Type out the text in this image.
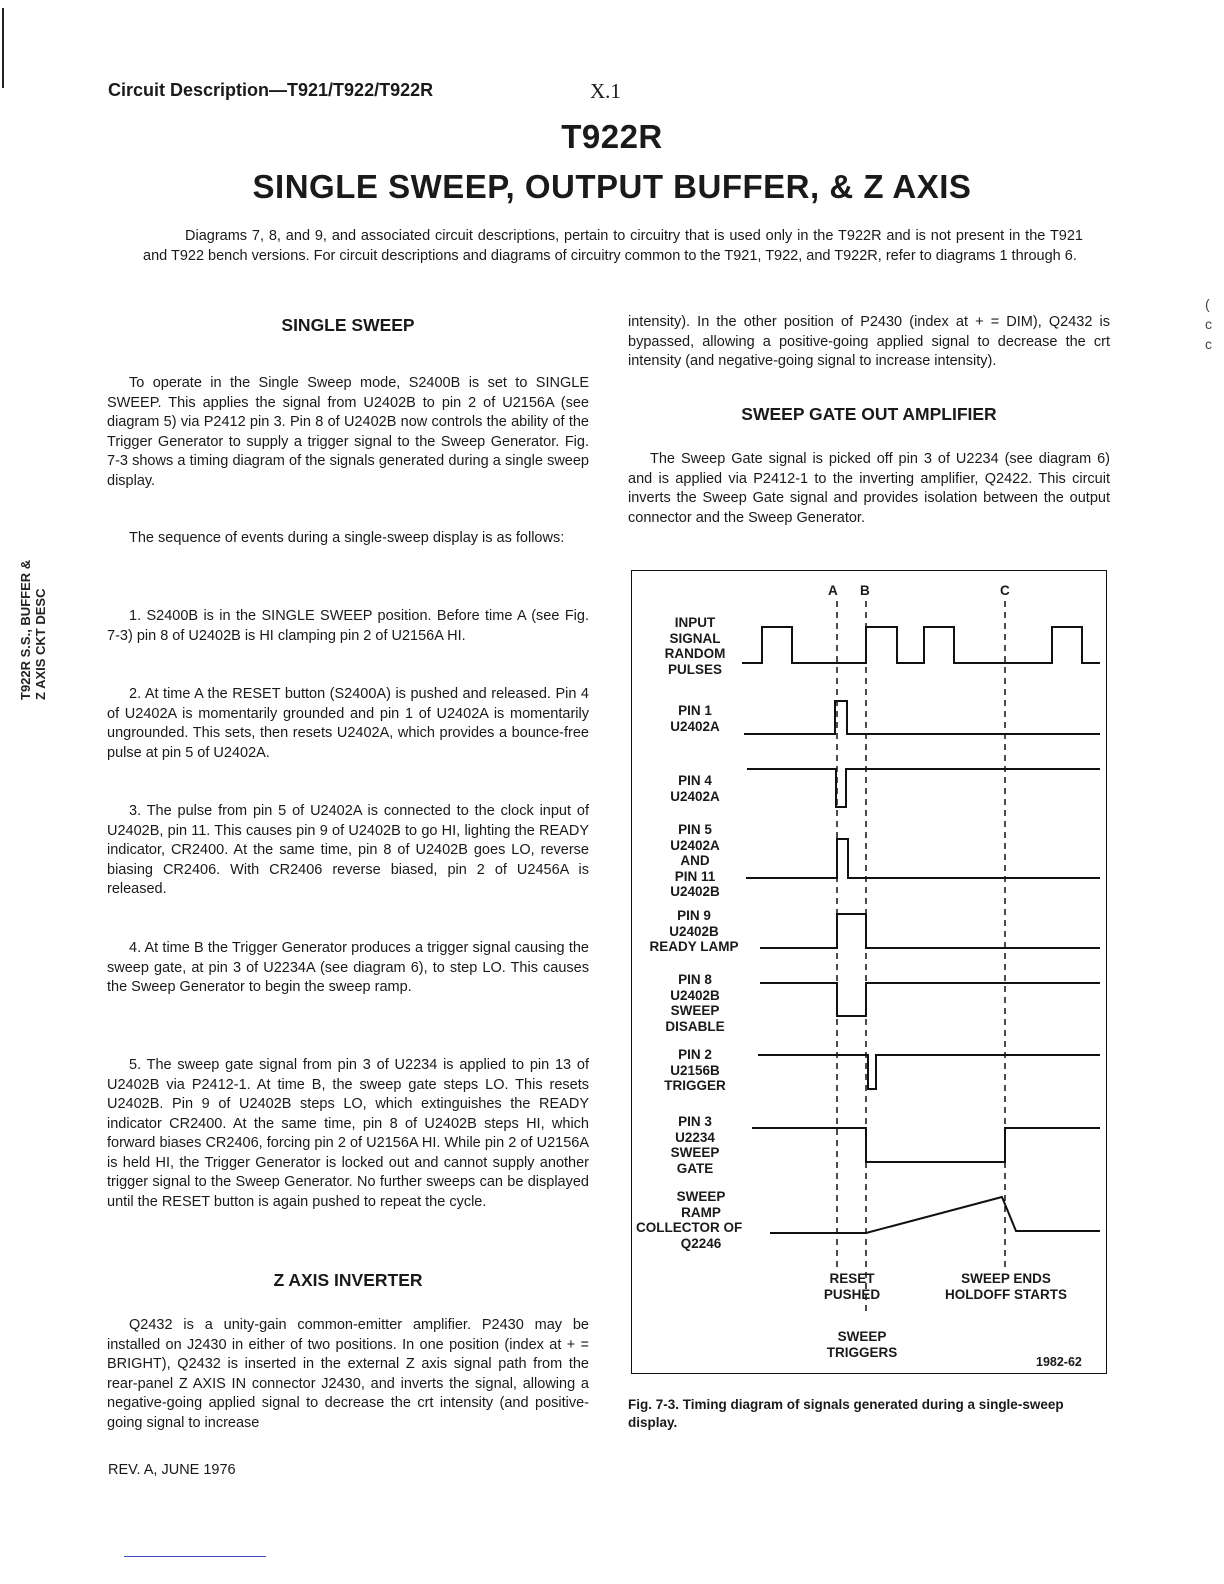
(
c
c
Circuit Description—T921/T922/T922R	X.1
T922R
SINGLE SWEEP, OUTPUT BUFFER, & Z AXIS

Diagrams 7, 8, and 9, and associated circuit descriptions, pertain to circuitry that is used only in the T922R and is not present in the T921 and T922 bench versions. For circuit descriptions and diagrams of circuitry common to the T921, T922, and T922R, refer to diagrams 1 through 6.

T922R S.S., BUFFER & Z AXIS CKT DESC
SINGLE SWEEP

To operate in the Single Sweep mode, S2400B is set to SINGLE SWEEP. This applies the signal from U2402B to pin 2 of U2156A (see diagram 5) via P2412 pin 3. Pin 8 of U2402B now controls the ability of the Trigger Generator to supply a trigger signal to the Sweep Generator. Fig. 7-3 shows a timing diagram of the signals generated during a single sweep display.

The sequence of events during a single-sweep display is as follows:

1. S2400B is in the SINGLE SWEEP position. Before time A (see Fig. 7-3) pin 8 of U2402B is HI clamping pin 2 of U2156A HI.

2. At time A the RESET button (S2400A) is pushed and released. Pin 4 of U2402A is momentarily grounded and pin 1 of U2402A is momentarily ungrounded. This sets, then resets U2402A, which provides a bounce-free pulse at pin 5 of U2402A.

3. The pulse from pin 5 of U2402A is connected to the clock input of U2402B, pin 11. This causes pin 9 of U2402B to go HI, lighting the READY indicator, CR2400. At the same time, pin 8 of U2402B goes LO, reverse biasing CR2406. With CR2406 reverse biased, pin 2 of U2456A is released.

4. At time B the Trigger Generator produces a trigger signal causing the sweep gate, at pin 3 of U2234A (see diagram 6), to step LO. This causes the Sweep Generator to begin the sweep ramp.

5. The sweep gate signal from pin 3 of U2234 is applied to pin 13 of U2402B via P2412-1. At time B, the sweep gate steps LO. This resets U2402B. Pin 9 of U2402B steps LO, which extinguishes the READY indicator CR2400. At the same time, pin 8 of U2402B steps HI, which forward biases CR2406, forcing pin 2 of U2156A HI. While pin 2 of U2156A is held HI, the Trigger Generator is locked out and cannot supply another trigger signal to the Sweep Generator. No further sweeps can be displayed until the RESET button is again pushed to repeat the cycle.

Z AXIS INVERTER

Q2432 is a unity-gain common-emitter amplifier. P2430 may be installed on J2430 in either of two positions. In one position (index at + = BRIGHT), Q2432 is inserted in the external Z axis signal path from the rear-panel Z AXIS IN connector J2430, and inverts the signal, allowing a negative-going applied signal to decrease the crt intensity (and positive-going signal to increase

intensity). In the other position of P2430 (index at + = DIM), Q2432 is bypassed, allowing a positive-going applied signal to decrease the crt intensity (and negative-going signal to increase intensity).

SWEEP GATE OUT AMPLIFIER

The Sweep Gate signal is picked off pin 3 of U2234 (see diagram 6) and is applied via P2412-1 to the inverting amplifier, Q2422. This circuit inverts the Sweep Gate signal and provides isolation between the output connector and the Sweep Generator.

A B	C
INPUT
SIGNAL
RANDOM
PULSES
PIN 1
U2402A
PIN 4
U2402A
PIN 5
U2402A
AND
PIN 11
U2402B
PIN 9
U2402B
READY LAMP
PIN 8
U2402B
SWEEP
DISABLE
PIN 2
U2156B
TRIGGER
PIN 3
U2234
SWEEP
GATE
SWEEP
RAMP
COLLECTOR OF
Q2246
RESET
PUSHED
SWEEP ENDS
HOLDOFF STARTS
SWEEP
TRIGGERS
1982-62
Fig. 7-3. Timing diagram of signals generated during a single-sweep display.
REV. A, JUNE 1976
